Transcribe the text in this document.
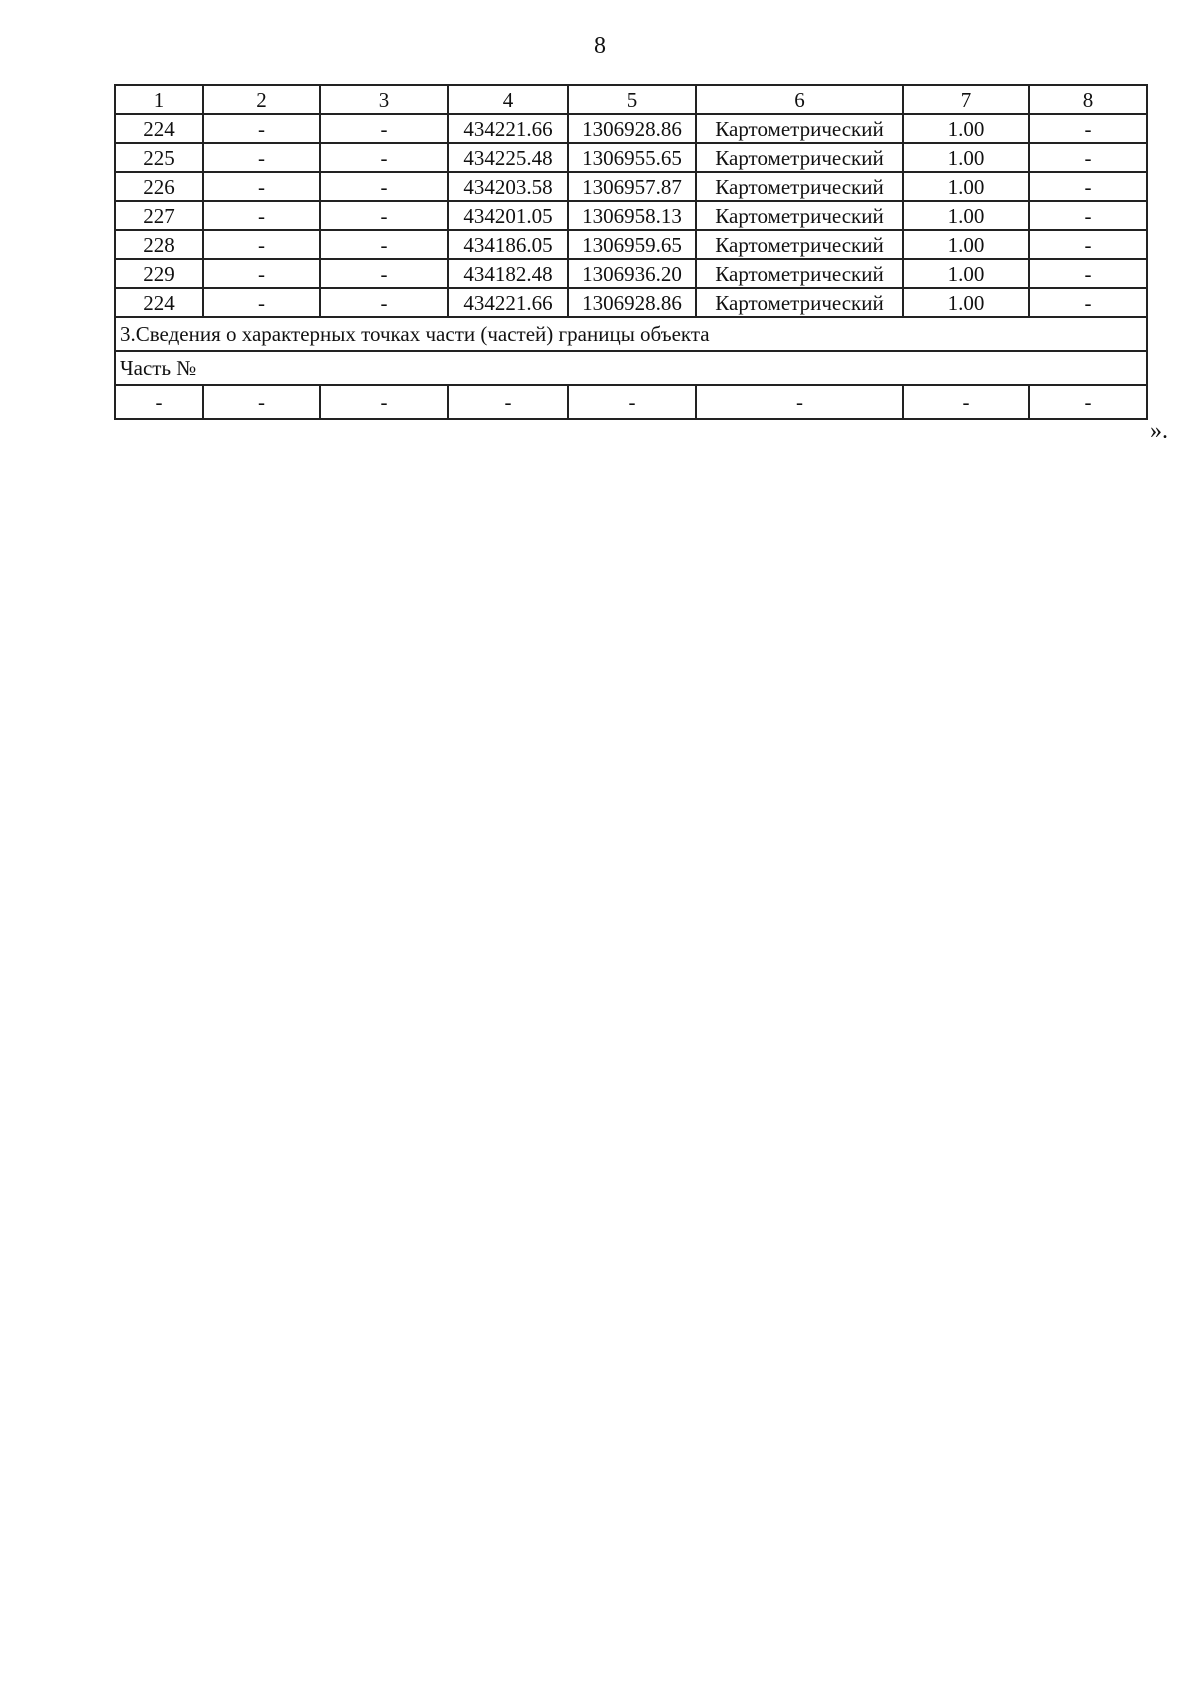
8
1	2	3	4	5	6	7	8
224	-	-	434221.66	1306928.86	Картометрический	1.00	-
225	-	-	434225.48	1306955.65	Картометрический	1.00	-
226	-	-	434203.58	1306957.87	Картометрический	1.00	-
227	-	-	434201.05	1306958.13	Картометрический	1.00	-
228	-	-	434186.05	1306959.65	Картометрический	1.00	-
229	-	-	434182.48	1306936.20	Картометрический	1.00	-
224	-	-	434221.66	1306928.86	Картометрический	1.00	-
3.Сведения о характерных точках части (частей) границы объекта							
Часть №							
-	-	-	-	-	-	-	-
».
